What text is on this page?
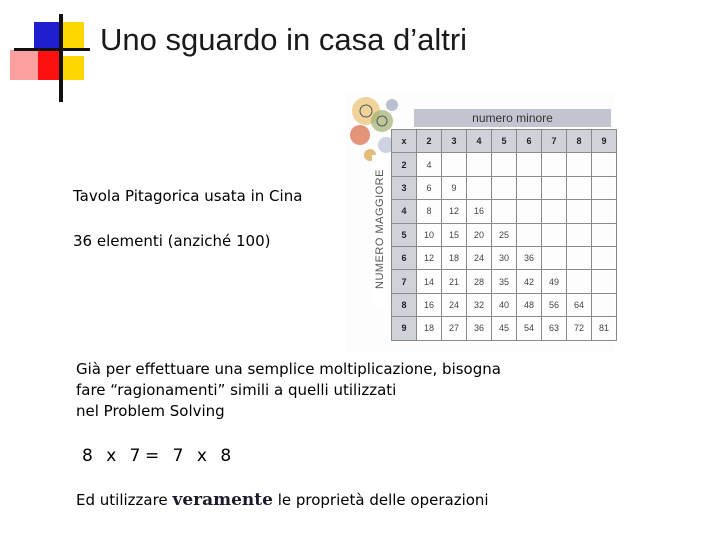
Uno sguardo in casa d’altri
Tavola Pitagorica usata in Cina
36 elementi (anziché 100)
numero minore
NUMERO MAGGIORE
x	2	3	4	5	6	7	8	9
2	4							
3	6	9						
4	8	12	16					
5	10	15	20	25				
6	12	18	24	30	36			
7	14	21	28	35	42	49		
8	16	24	32	40	48	56	64	
9	18	27	36	45	54	63	72	81
Già per effettuare una semplice moltiplicazione, bisogna
fare “ragionamenti” simili a quelli utilizzati
nel Problem Solving
8 x 7 = 7 x 8
Ed utilizzare veramente le proprietà delle operazioni
